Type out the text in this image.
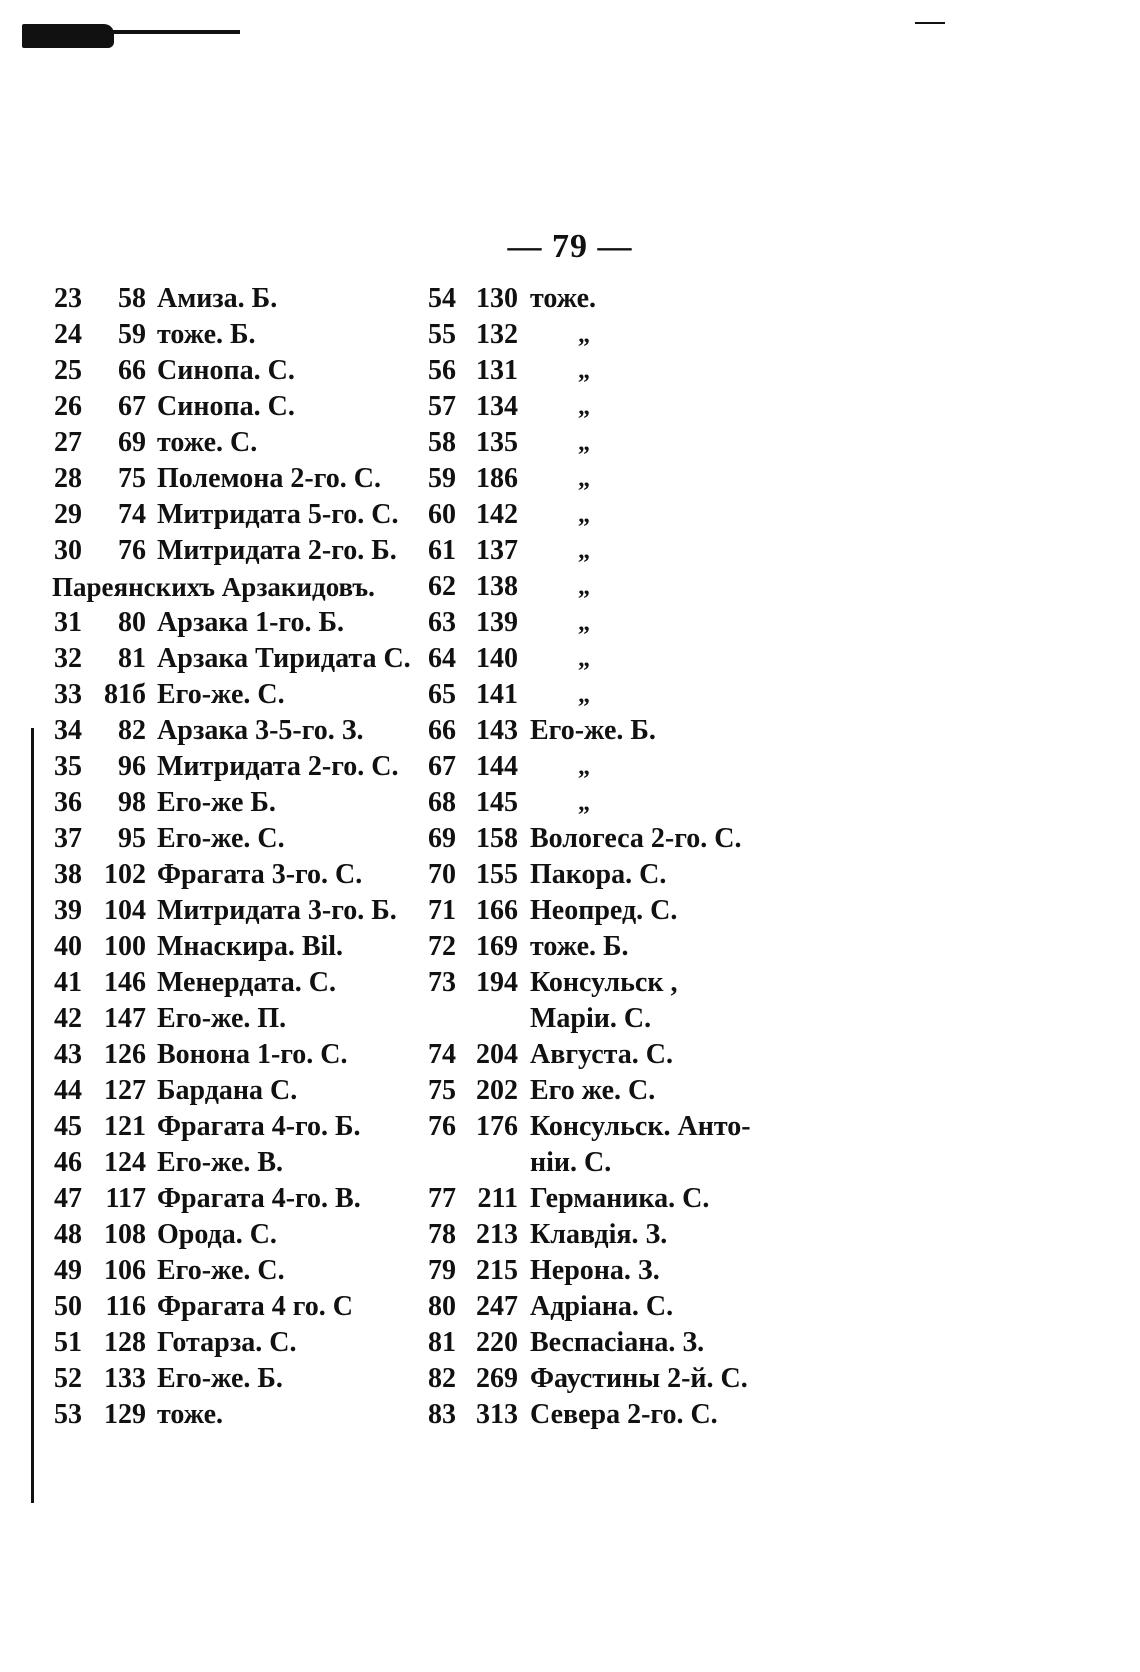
— 79 —
23	58 Амиза. Б.
24	59 тоже. Б.
25	66 Синопа. С.
26	67 Синопа. С.
27	69 тоже. С.
28	75 Полемона 2-го. С.
29	74 Митридата 5-го. С.
30	76 Митридата 2-го. Б.
Пареянскихъ Арзакидовъ.
31	80 Арзака 1-го. Б.
32	81 Арзака Тиридата С.
33 81б Его-же. С.
34	82 Арзака 3-5-го. З.
35	96 Митридата 2-го. С.
36	98 Его-же Б.
37	95 Его-же. С.
38 102 Фрагата 3-го. С.
39 104 Митридата 3-го. Б.
40 100 Мнаскира. Bil.
41 146 Менердата. С.
42 147 Его-же. П.
43 126 Вонона 1-го. С.
44 127 Бардана С.
45 121 Фрагата 4-го. Б.
46 124 Его-же. В.
47 117 Фрагата 4-го. В.
48 108 Орода. С.
49 106 Его-же. С.
50 116 Фрагата 4 го. С
51 128 Готарза. С.
52 133 Его-же. Б.
53 129 тоже.
54 130 тоже.
55 132	„
56 131	„
57 134	„
58 135	„
59 186	„
60 142	„
61 137	„
62 138	„
63 139	„
64 140	„
65 141	„
66 143 Его-же. Б.
67 144	„
68 145	„
69 158 Вологеса 2-го. С.
70 155 Пакора. С.
71 166 Неопред. С.
72 169 тоже. Б.
73 194 Консульск ,
Маріи. С.
74 204 Августа. С.
75 202 Его же. С.
76 176 Консульск. Анто-
ніи. С.
77 211 Германика. С.
78 213 Клавдія. З.
79 215 Нерона. З.
80 247 Адріана. С.
81 220 Веспасіана. З.
82 269 Фаустины 2-й. С.
83 313 Севера 2-го. С.
